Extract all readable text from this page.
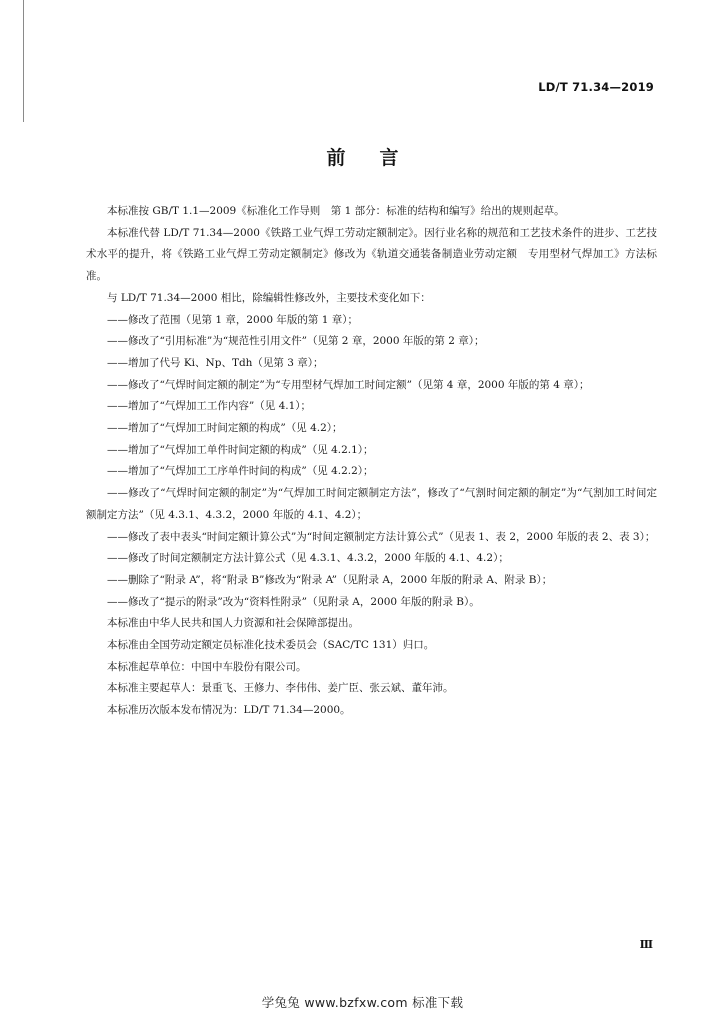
LD/T 71.34—2019
前言

本标准按 GB/T 1.1—2009《标准化工作导则　第 1 部分：标准的结构和编写》给出的规则起草。

本标准代替 LD/T 71.34—2000《铁路工业气焊工劳动定额制定》。因行业名称的规范和工艺技术条件的进步、工艺技术水平的提升，将《铁路工业气焊工劳动定额制定》修改为《轨道交通装备制造业劳动定额　专用型材气焊加工》方法标准。

与 LD/T 71.34—2000 相比，除编辑性修改外，主要技术变化如下：

——修改了范围（见第 1 章，2000 年版的第 1 章）；
——修改了“引用标准”为“规范性引用文件”（见第 2 章，2000 年版的第 2 章）；
——增加了代号 Ki、Np、Tdh（见第 3 章）；
——修改了“气焊时间定额的制定”为“专用型材气焊加工时间定额”（见第 4 章，2000 年版的第 4 章）；
——增加了“气焊加工工作内容”（见 4.1）；
——增加了“气焊加工时间定额的构成”（见 4.2）；
——增加了“气焊加工单件时间定额的构成”（见 4.2.1）；
——增加了“气焊加工工序单件时间的构成”（见 4.2.2）；
——修改了“气焊时间定额的制定”为“气焊加工时间定额制定方法”，修改了“气割时间定额的制定”为“气割加工时间定额制定方法”（见 4.3.1、4.3.2，2000 年版的 4.1、4.2）；
——修改了表中表头“时间定额计算公式”为“时间定额制定方法计算公式”（见表 1、表 2，2000 年版的表 2、表 3）；
——修改了时间定额制定方法计算公式（见 4.3.1、4.3.2，2000 年版的 4.1、4.2）；
——删除了“附录 A”，将“附录 B”修改为“附录 A”（见附录 A，2000 年版的附录 A、附录 B）；
——修改了“提示的附录”改为“资料性附录”（见附录 A，2000 年版的附录 B）。

本标准由中华人民共和国人力资源和社会保障部提出。

本标准由全国劳动定额定员标准化技术委员会（SAC/TC 131）归口。

本标准起草单位：中国中车股份有限公司。

本标准主要起草人：景重飞、王修力、李伟伟、姜广臣、张云斌、董年沛。

本标准历次版本发布情况为：LD/T 71.34—2000。

Ⅲ
学兔兔 www.bzfxw.com 标准下载
